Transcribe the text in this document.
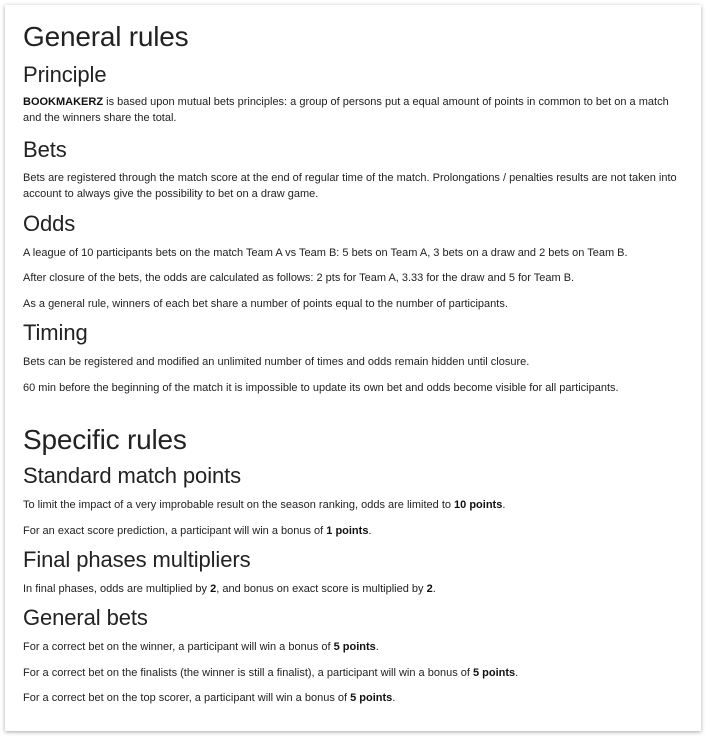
General rules
Principle
BOOKMAKERZ is based upon mutual bets principles: a group of persons put a equal amount of points in common to bet on a match and the winners share the total.
Bets
Bets are registered through the match score at the end of regular time of the match. Prolongations / penalties results are not taken into account to always give the possibility to bet on a draw game.
Odds
A league of 10 participants bets on the match Team A vs Team B: 5 bets on Team A, 3 bets on a draw and 2 bets on Team B.
After closure of the bets, the odds are calculated as follows: 2 pts for Team A, 3.33 for the draw and 5 for Team B.
As a general rule, winners of each bet share a number of points equal to the number of participants.
Timing
Bets can be registered and modified an unlimited number of times and odds remain hidden until closure.
60 min before the beginning of the match it is impossible to update its own bet and odds become visible for all participants.
Specific rules
Standard match points
To limit the impact of a very improbable result on the season ranking, odds are limited to 10 points.
For an exact score prediction, a participant will win a bonus of 1 points.
Final phases multipliers
In final phases, odds are multiplied by 2, and bonus on exact score is multiplied by 2.
General bets
For a correct bet on the winner, a participant will win a bonus of 5 points.
For a correct bet on the finalists (the winner is still a finalist), a participant will win a bonus of 5 points.
For a correct bet on the top scorer, a participant will win a bonus of 5 points.
